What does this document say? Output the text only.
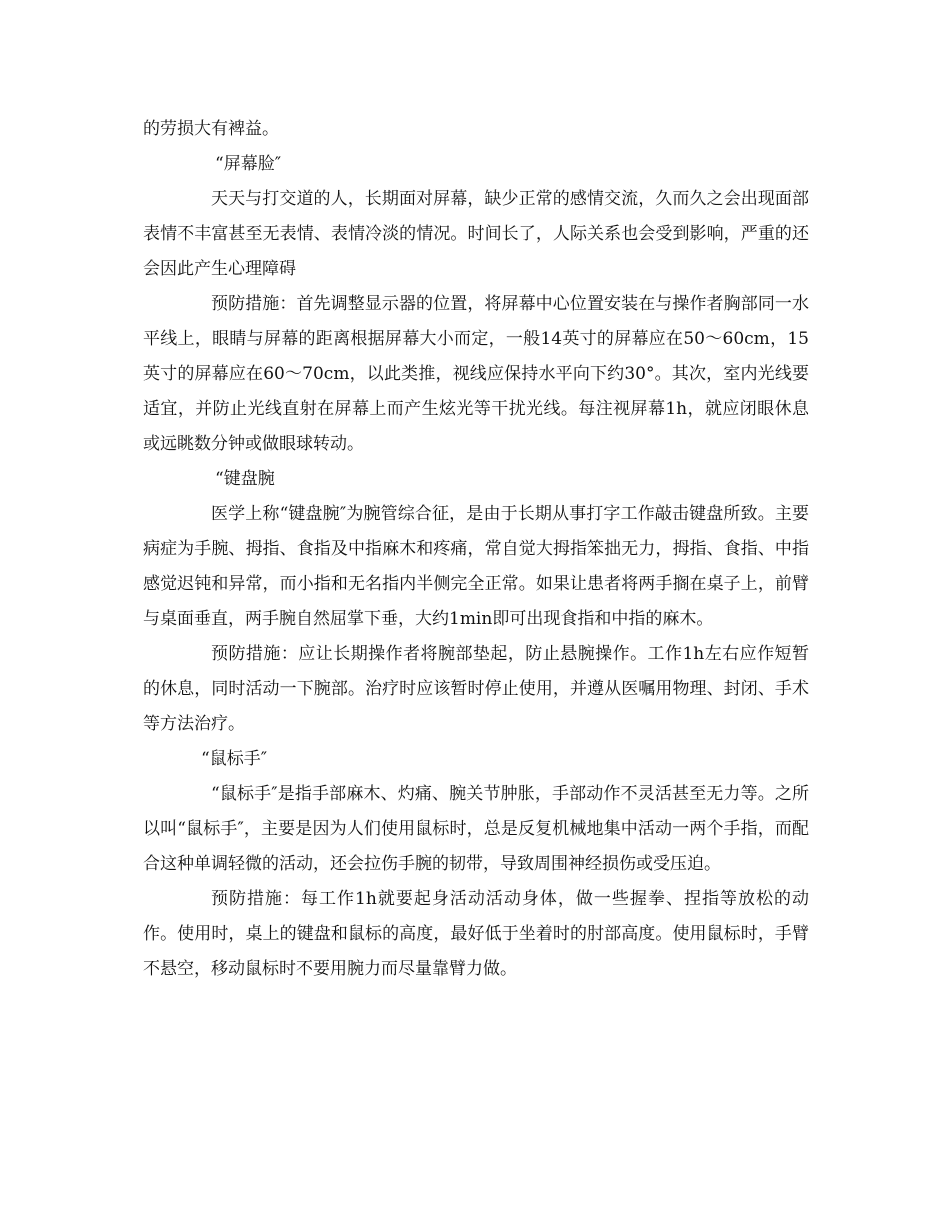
的劳损大有裨益。

“屏幕脸″

天天与打交道的人，长期面对屏幕，缺少正常的感情交流，久而久之会出现面部表情不丰富甚至无表情、表情冷淡的情况。时间长了，人际关系也会受到影响，严重的还会因此产生心理障碍

预防措施：首先调整显示器的位置，将屏幕中心位置安装在与操作者胸部同一水平线上，眼睛与屏幕的距离根据屏幕大小而定，一般14英寸的屏幕应在50～60cm，15英寸的屏幕应在60～70cm，以此类推，视线应保持水平向下约30°。其次，室内光线要适宜，并防止光线直射在屏幕上而产生炫光等干扰光线。每注视屏幕1h，就应闭眼休息或远眺数分钟或做眼球转动。

“键盘腕

医学上称“键盘腕″为腕管综合征，是由于长期从事打字工作敲击键盘所致。主要病症为手腕、拇指、食指及中指麻木和疼痛，常自觉大拇指笨拙无力，拇指、食指、中指感觉迟钝和异常，而小指和无名指内半侧完全正常。如果让患者将两手搁在桌子上，前臂与桌面垂直，两手腕自然屈掌下垂，大约1min即可出现食指和中指的麻木。

预防措施：应让长期操作者将腕部垫起，防止悬腕操作。工作1h左右应作短暂的休息，同时活动一下腕部。治疗时应该暂时停止使用，并遵从医嘱用物理、封闭、手术等方法治疗。

“鼠标手″

“鼠标手″是指手部麻木、灼痛、腕关节肿胀，手部动作不灵活甚至无力等。之所以叫“鼠标手″，主要是因为人们使用鼠标时，总是反复机械地集中活动一两个手指，而配合这种单调轻微的活动，还会拉伤手腕的韧带，导致周围神经损伤或受压迫。

预防措施：每工作1h就要起身活动活动身体，做一些握拳、捏指等放松的动作。使用时，桌上的键盘和鼠标的高度，最好低于坐着时的肘部高度。使用鼠标时，手臂不悬空，移动鼠标时不要用腕力而尽量靠臂力做。
